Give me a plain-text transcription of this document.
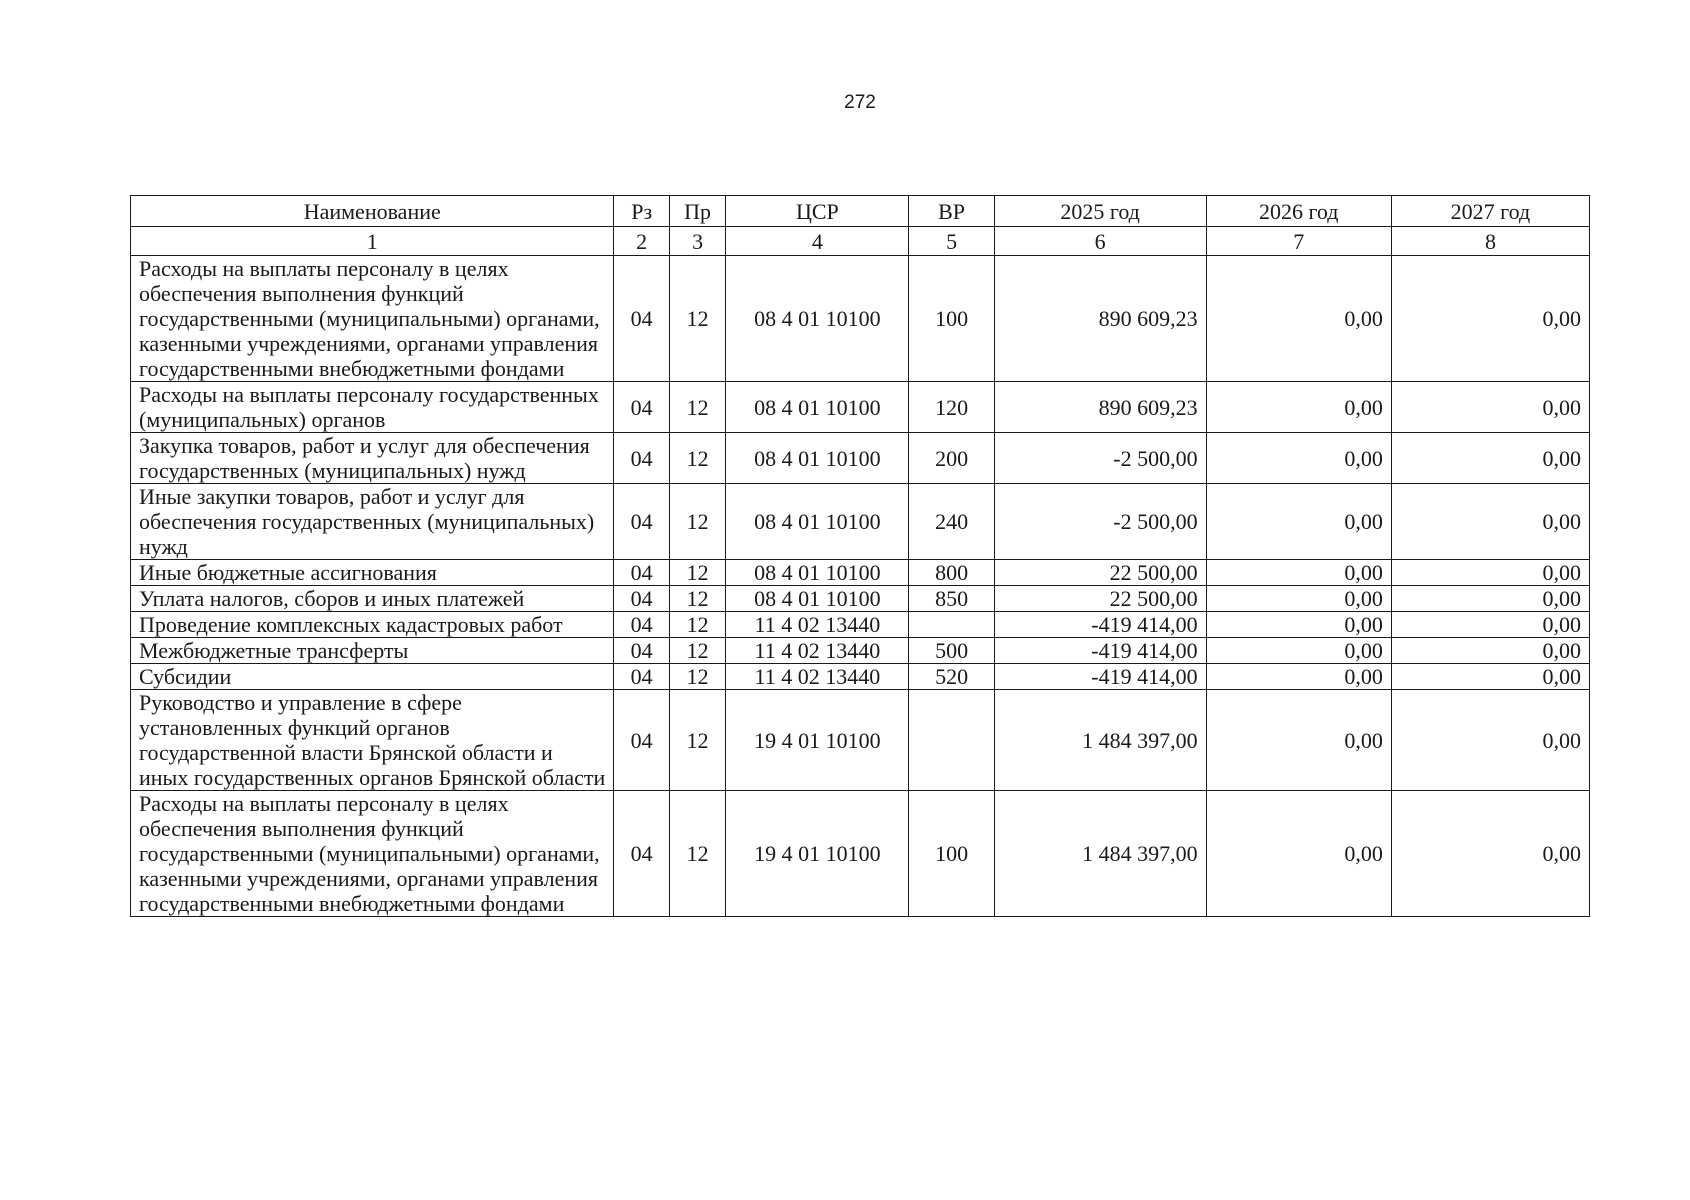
272
Наименование	Рз	Пр	ЦСР	ВР	2025 год	2026 год	2027 год
1	2	3	4	5	6	7	8
Расходы на выплаты персоналу в целях обеспечения выполнения функций государственными (муниципальными) органами, казенными учреждениями, органами управления государственными внебюджетными фондами	04	12	08 4 01 10100	100	890 609,23	0,00	0,00
Расходы на выплаты персоналу государственных (муниципальных) органов	04	12	08 4 01 10100	120	890 609,23	0,00	0,00
Закупка товаров, работ и услуг для обеспечения государственных (муниципальных) нужд	04	12	08 4 01 10100	200	-2 500,00	0,00	0,00
Иные закупки товаров, работ и услуг для обеспечения государственных (муниципальных) нужд	04	12	08 4 01 10100	240	-2 500,00	0,00	0,00
Иные бюджетные ассигнования	04	12	08 4 01 10100	800	22 500,00	0,00	0,00
Уплата налогов, сборов и иных платежей	04	12	08 4 01 10100	850	22 500,00	0,00	0,00
Проведение комплексных кадастровых работ	04	12	11 4 02 13440		-419 414,00	0,00	0,00
Межбюджетные трансферты	04	12	11 4 02 13440	500	-419 414,00	0,00	0,00
Субсидии	04	12	11 4 02 13440	520	-419 414,00	0,00	0,00
Руководство и управление в сфере установленных функций органов государственной власти Брянской области и иных государственных органов Брянской области	04	12	19 4 01 10100		1 484 397,00	0,00	0,00
Расходы на выплаты персоналу в целях обеспечения выполнения функций государственными (муниципальными) органами, казенными учреждениями, органами управления государственными внебюджетными фондами	04	12	19 4 01 10100	100	1 484 397,00	0,00	0,00
